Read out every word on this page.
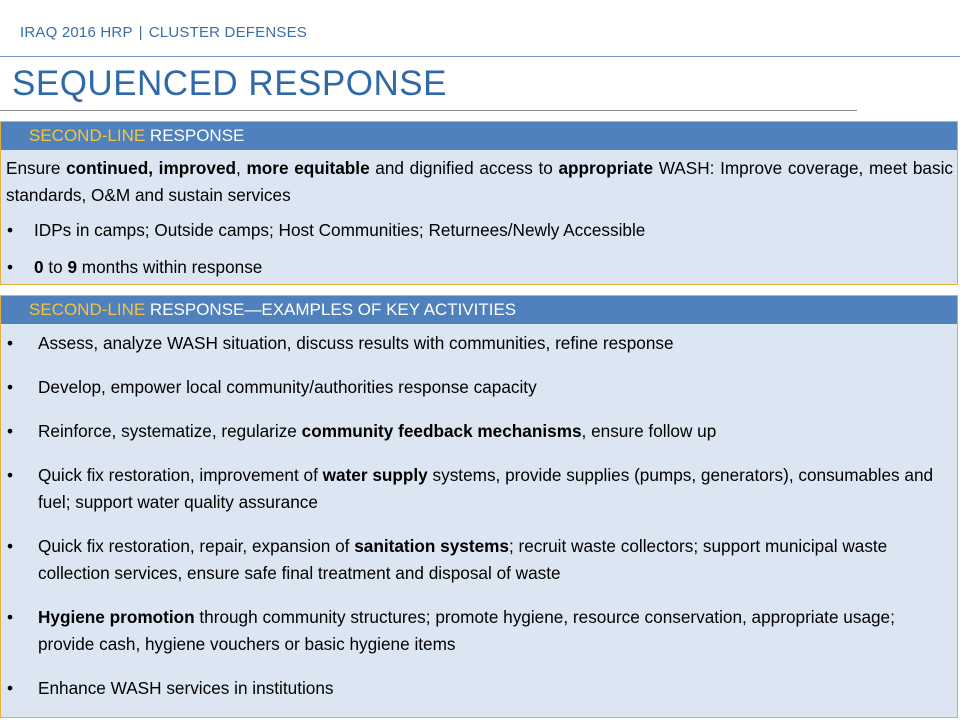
IRAQ 2016 HRP | CLUSTER DEFENSES
SEQUENCED RESPONSE
SECOND-LINE RESPONSE
Ensure continued, improved, more equitable and dignified access to appropriate WASH: Improve coverage, meet basic standards, O&M and sustain services
• IDPs in camps; Outside camps; Host Communities; Returnees/Newly Accessible
• 0 to 9 months within response
SECOND-LINE RESPONSE—EXAMPLES OF KEY ACTIVITIES
• Assess, analyze WASH situation, discuss results with communities, refine response
• Develop, empower local community/authorities response capacity
• Reinforce, systematize, regularize community feedback mechanisms, ensure follow up
• Quick fix restoration, improvement of water supply systems, provide supplies (pumps, generators), consumables and fuel; support water quality assurance
• Quick fix restoration, repair, expansion of sanitation systems; recruit waste collectors; support municipal waste collection services, ensure safe final treatment and disposal of waste
• Hygiene promotion through community structures; promote hygiene, resource conservation, appropriate usage; provide cash, hygiene vouchers or basic hygiene items
• Enhance WASH services in institutions
